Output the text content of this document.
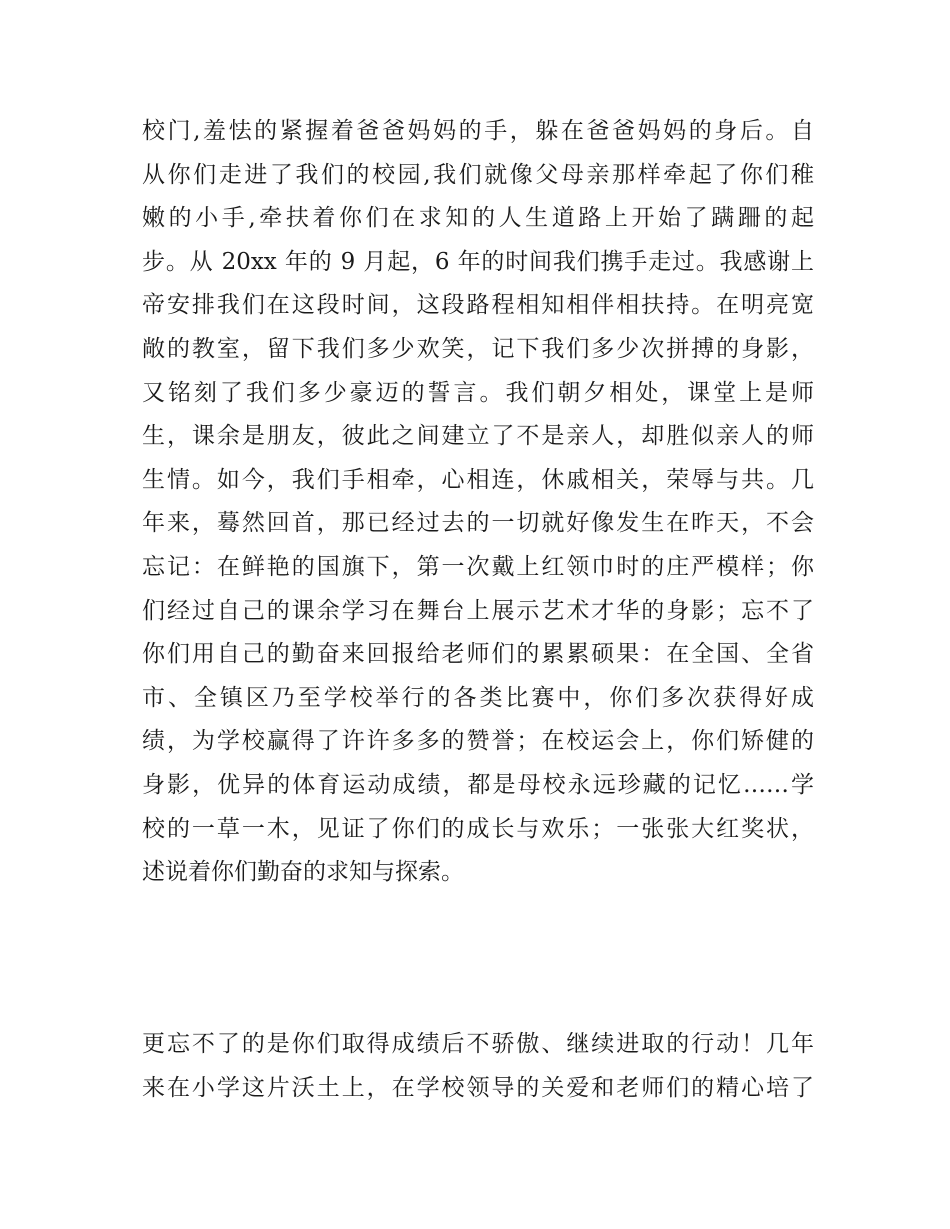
校门,羞怯的紧握着爸爸妈妈的手，躲在爸爸妈妈的身后。自
从你们走进了我们的校园,我们就像父母亲那样牵起了你们稚
嫩的小手,牵扶着你们在求知的人生道路上开始了蹒跚的起
步。从 20xx 年的 9 月起，6 年的时间我们携手走过。我感谢上
帝安排我们在这段时间，这段路程相知相伴相扶持。在明亮宽
敞的教室，留下我们多少欢笑，记下我们多少次拼搏的身影，
又铭刻了我们多少豪迈的誓言。我们朝夕相处，课堂上是师
生，课余是朋友，彼此之间建立了不是亲人，却胜似亲人的师
生情。如今，我们手相牵，心相连，休戚相关，荣辱与共。几
年来，蓦然回首，那已经过去的一切就好像发生在昨天，不会
忘记：在鲜艳的国旗下，第一次戴上红领巾时的庄严模样；你
们经过自己的课余学习在舞台上展示艺术才华的身影；忘不了
你们用自己的勤奋来回报给老师们的累累硕果：在全国、全省
市、全镇区乃至学校举行的各类比赛中，你们多次获得好成
绩，为学校赢得了许许多多的赞誉；在校运会上，你们矫健的
身影，优异的体育运动成绩，都是母校永远珍藏的记忆……学
校的一草一木，见证了你们的成长与欢乐；一张张大红奖状，
述说着你们勤奋的求知与探索。
更忘不了的是你们取得成绩后不骄傲、继续进取的行动！几年
来在小学这片沃土上，在学校领导的关爱和老师们的精心培了
